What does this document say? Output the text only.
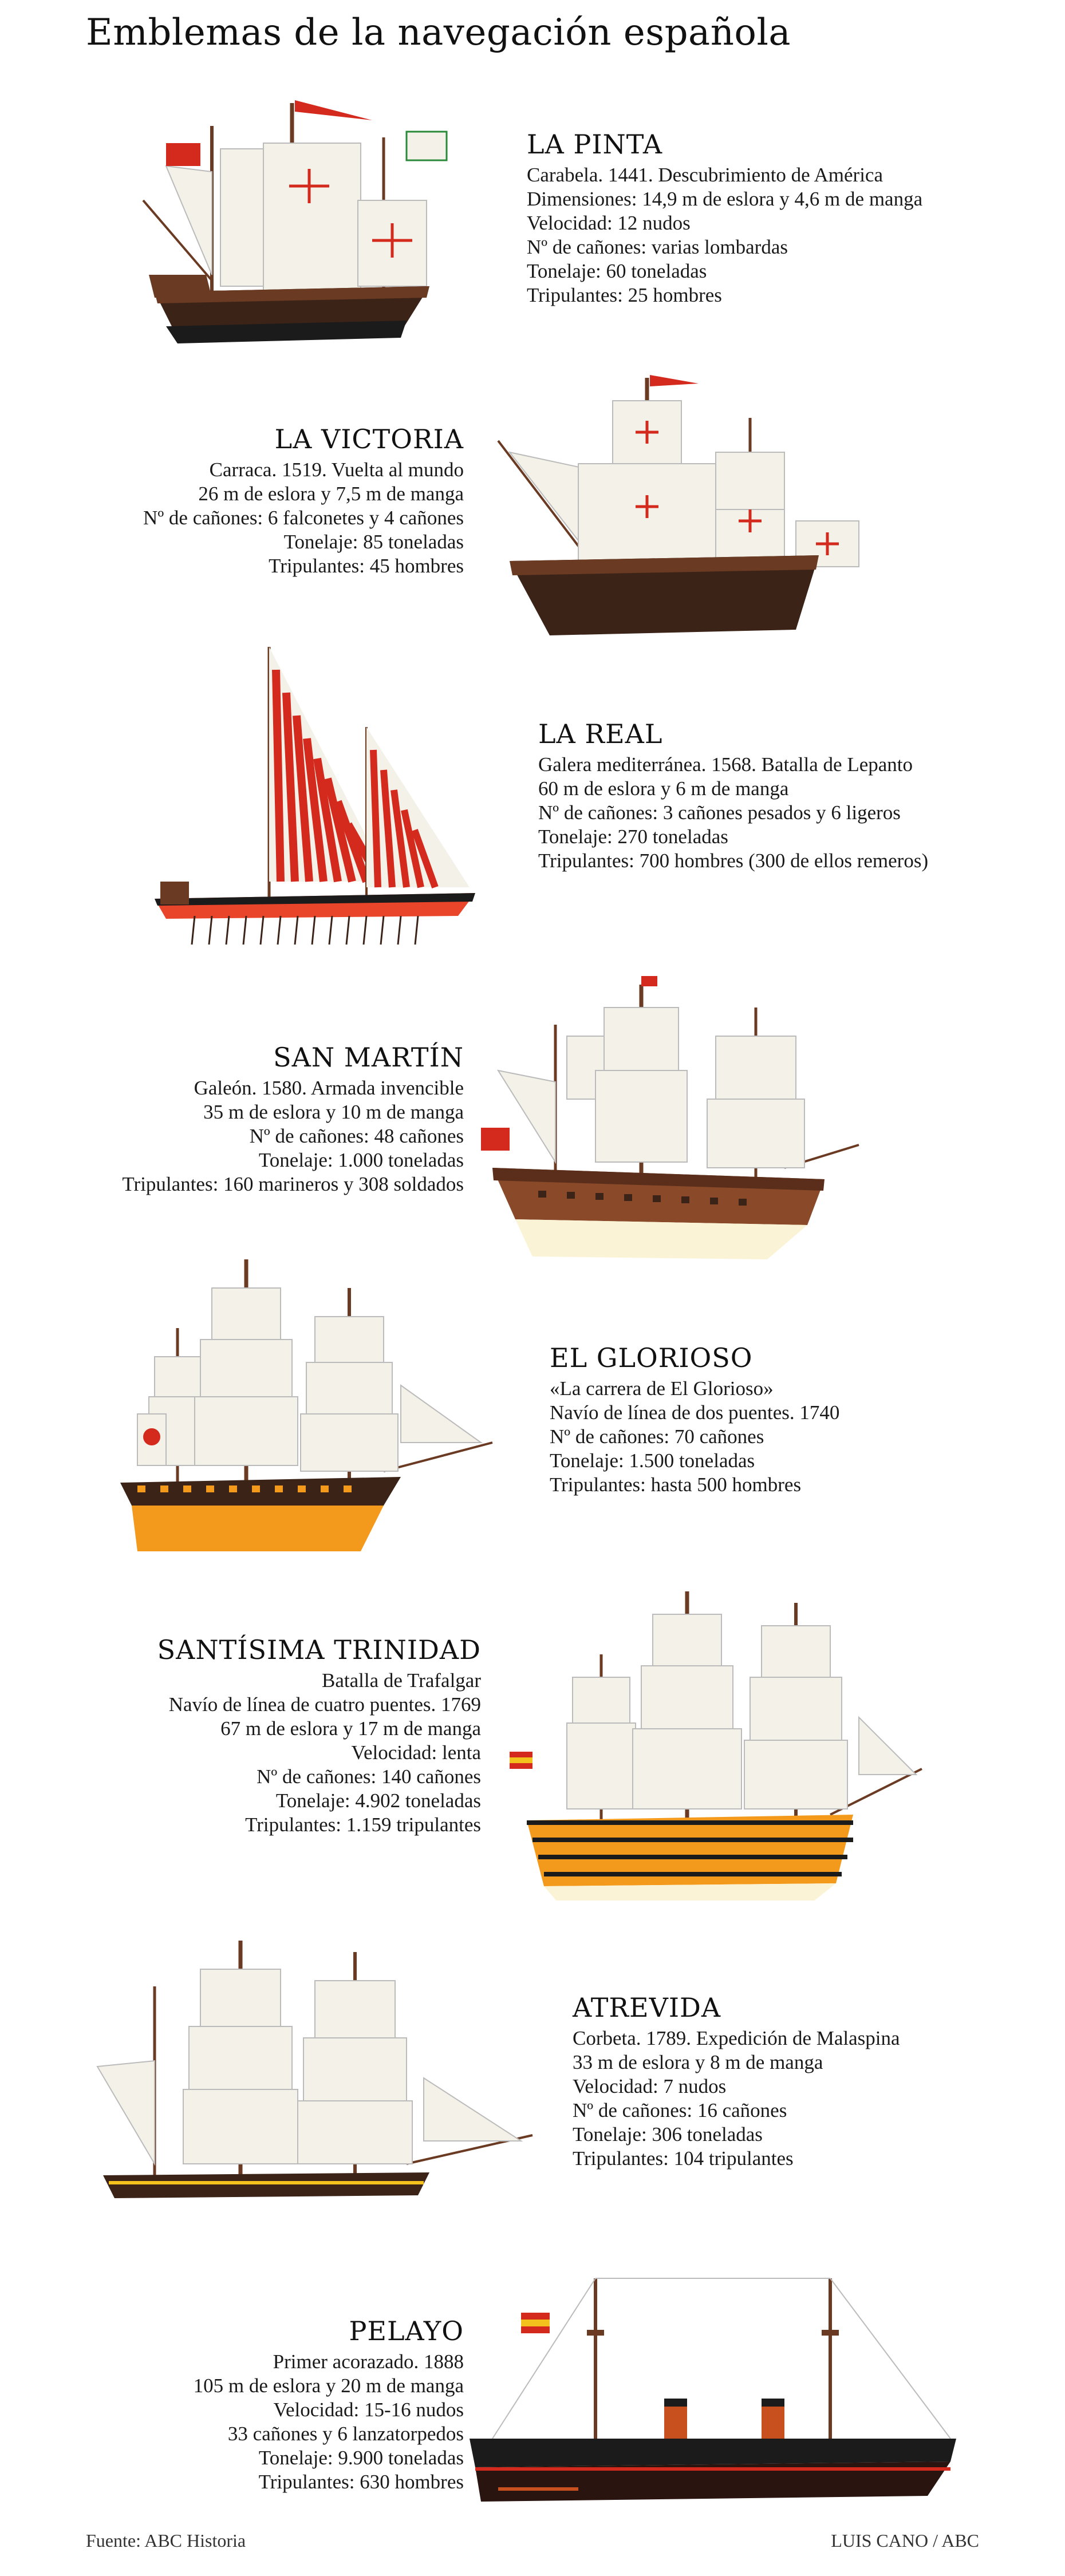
Emblemas de la navegación española
LA PINTA
Carabela. 1441. Descubrimiento de América
Dimensiones: 14,9 m de eslora y 4,6 m de manga
Velocidad: 12 nudos
Nº de cañones: varias lombardas
Tonelaje: 60 toneladas
Tripulantes: 25 hombres
LA VICTORIA
Carraca. 1519. Vuelta al mundo
26 m de eslora y 7,5 m de manga
Nº de cañones: 6 falconetes y 4 cañones
Tonelaje: 85 toneladas
Tripulantes: 45 hombres
LA REAL
Galera mediterránea. 1568. Batalla de Lepanto
60 m de eslora y 6 m de manga
Nº de cañones: 3 cañones pesados y 6 ligeros
Tonelaje: 270 toneladas
Tripulantes: 700 hombres (300 de ellos remeros)
SAN MARTÍN
Galeón. 1580. Armada invencible
35 m de eslora y 10 m de manga
Nº de cañones: 48 cañones
Tonelaje: 1.000 toneladas
Tripulantes: 160 marineros y 308 soldados
EL GLORIOSO
«La carrera de El Glorioso»
Navío de línea de dos puentes. 1740
Nº de cañones: 70 cañones
Tonelaje: 1.500 toneladas
Tripulantes: hasta 500 hombres
SANTÍSIMA TRINIDAD
Batalla de Trafalgar
Navío de línea de cuatro puentes. 1769
67 m de eslora y 17 m de manga
Velocidad: lenta
Nº de cañones: 140 cañones
Tonelaje: 4.902 toneladas
Tripulantes: 1.159 tripulantes
ATREVIDA
Corbeta. 1789. Expedición de Malaspina
33 m de eslora y 8 m de manga
Velocidad: 7 nudos
Nº de cañones: 16 cañones
Tonelaje: 306 toneladas
Tripulantes: 104 tripulantes
PELAYO
Primer acorazado. 1888
105 m de eslora y 20 m de manga
Velocidad: 15-16 nudos
33 cañones y 6 lanzatorpedos
Tonelaje: 9.900 toneladas
Tripulantes: 630 hombres
Fuente: ABC Historia	LUIS CANO / ABC
